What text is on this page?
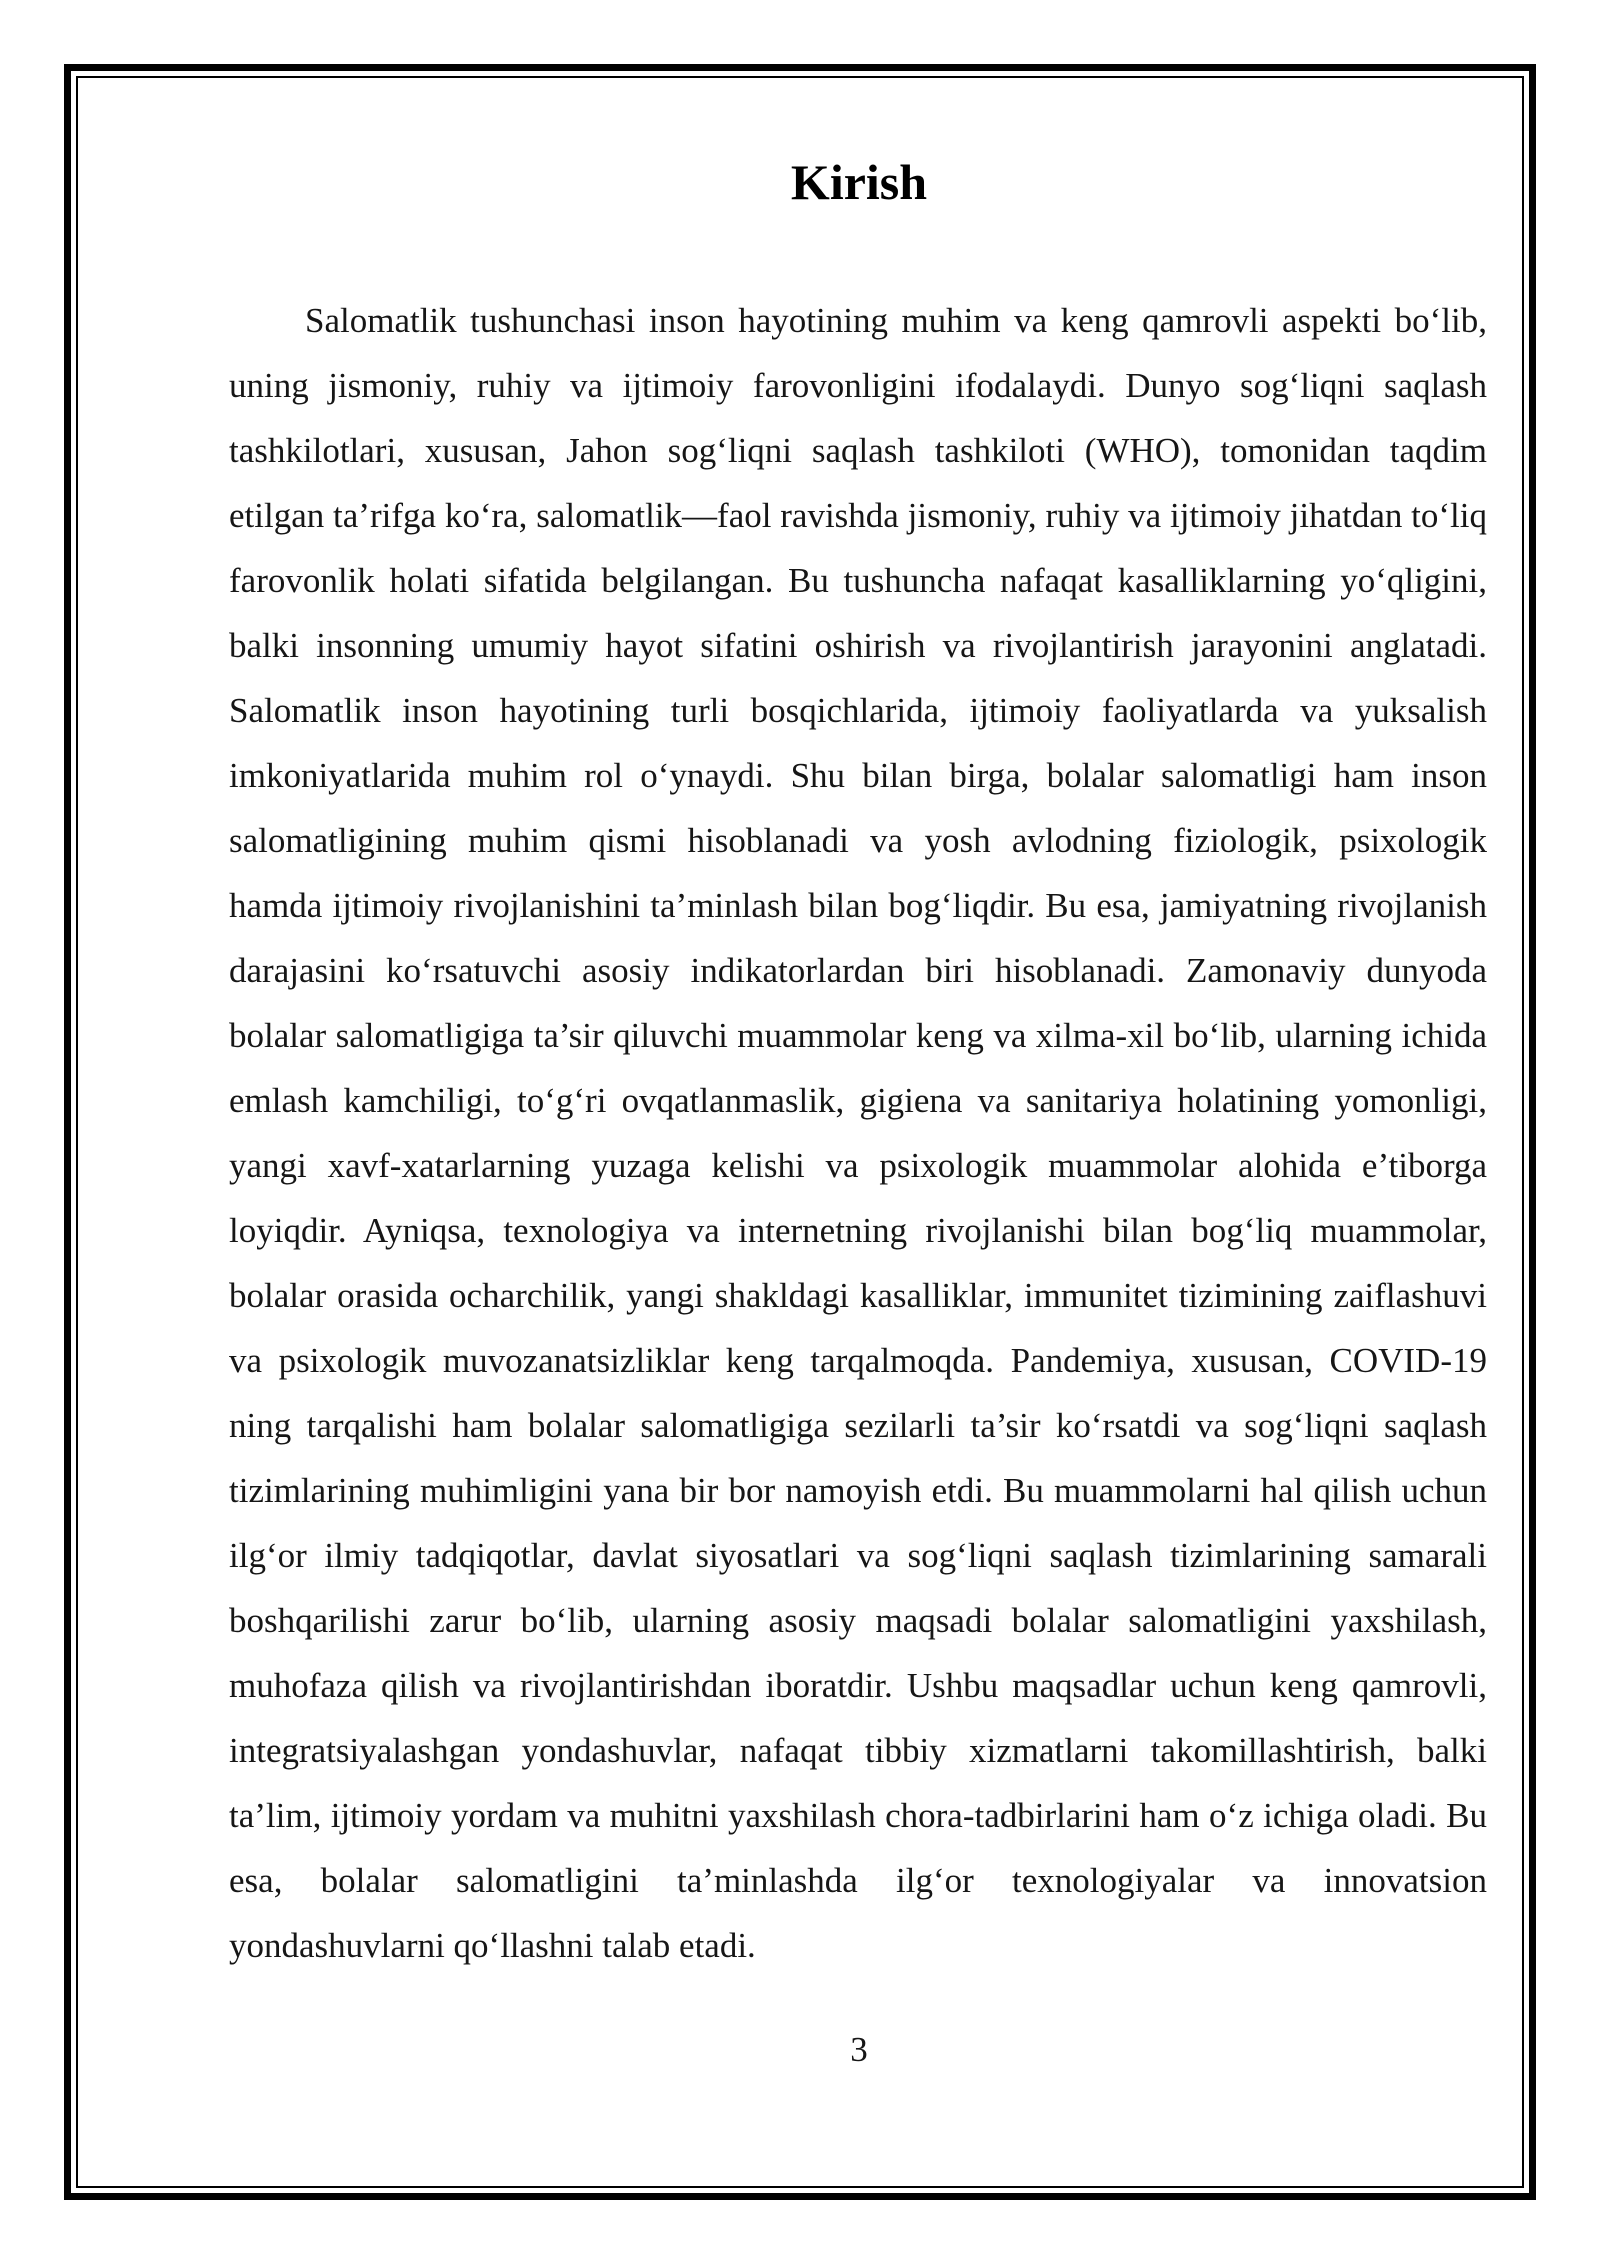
Kirish

Salomatlik tushunchasi inson hayotining muhim va keng qamrovli aspekti bo‘lib, uning jismoniy, ruhiy va ijtimoiy farovonligini ifodalaydi. Dunyo sog‘liqni saqlash tashkilotlari, xususan, Jahon sog‘liqni saqlash tashkiloti (WHO), tomonidan taqdim etilgan ta’rifga ko‘ra, salomatlik—faol ravishda jismoniy, ruhiy va ijtimoiy jihatdan to‘liq farovonlik holati sifatida belgilangan. Bu tushuncha nafaqat kasalliklarning yo‘qligini, balki insonning umumiy hayot sifatini oshirish va rivojlantirish jarayonini anglatadi. Salomatlik inson hayotining turli bosqichlarida, ijtimoiy faoliyatlarda va yuksalish imkoniyatlarida muhim rol o‘ynaydi. Shu bilan birga, bolalar salomatligi ham inson salomatligining muhim qismi hisoblanadi va yosh avlodning fiziologik, psixologik hamda ijtimoiy rivojlanishini ta’minlash bilan bog‘liqdir. Bu esa, jamiyatning rivojlanish darajasini ko‘rsatuvchi asosiy indikatorlardan biri hisoblanadi. Zamonaviy dunyoda bolalar salomatligiga ta’sir qiluvchi muammolar keng va xilma-xil bo‘lib, ularning ichida emlash kamchiligi, to‘g‘ri ovqatlanmaslik, gigiena va sanitariya holatining yomonligi, yangi xavf-xatarlarning yuzaga kelishi va psixologik muammolar alohida e’tiborga loyiqdir. Ayniqsa, texnologiya va internetning rivojlanishi bilan bog‘liq muammolar, bolalar orasida ocharchilik, yangi shakldagi kasalliklar, immunitet tizimining zaiflashuvi va psixologik muvozanatsizliklar keng tarqalmoqda. Pandemiya, xususan, COVID-19 ning tarqalishi ham bolalar salomatligiga sezilarli ta’sir ko‘rsatdi va sog‘liqni saqlash tizimlarining muhimligini yana bir bor namoyish etdi. Bu muammolarni hal qilish uchun ilg‘or ilmiy tadqiqotlar, davlat siyosatlari va sog‘liqni saqlash tizimlarining samarali boshqarilishi zarur bo‘lib, ularning asosiy maqsadi bolalar salomatligini yaxshilash, muhofaza qilish va rivojlantirishdan iboratdir. Ushbu maqsadlar uchun keng qamrovli, integratsiyalashgan yondashuvlar, nafaqat tibbiy xizmatlarni takomillashtirish, balki ta’lim, ijtimoiy yordam va muhitni yaxshilash chora-tadbirlarini ham o‘z ichiga oladi. Bu esa, bolalar salomatligini ta’minlashda ilg‘or texnologiyalar va innovatsion yondashuvlarni qo‘llashni talab etadi.

3
